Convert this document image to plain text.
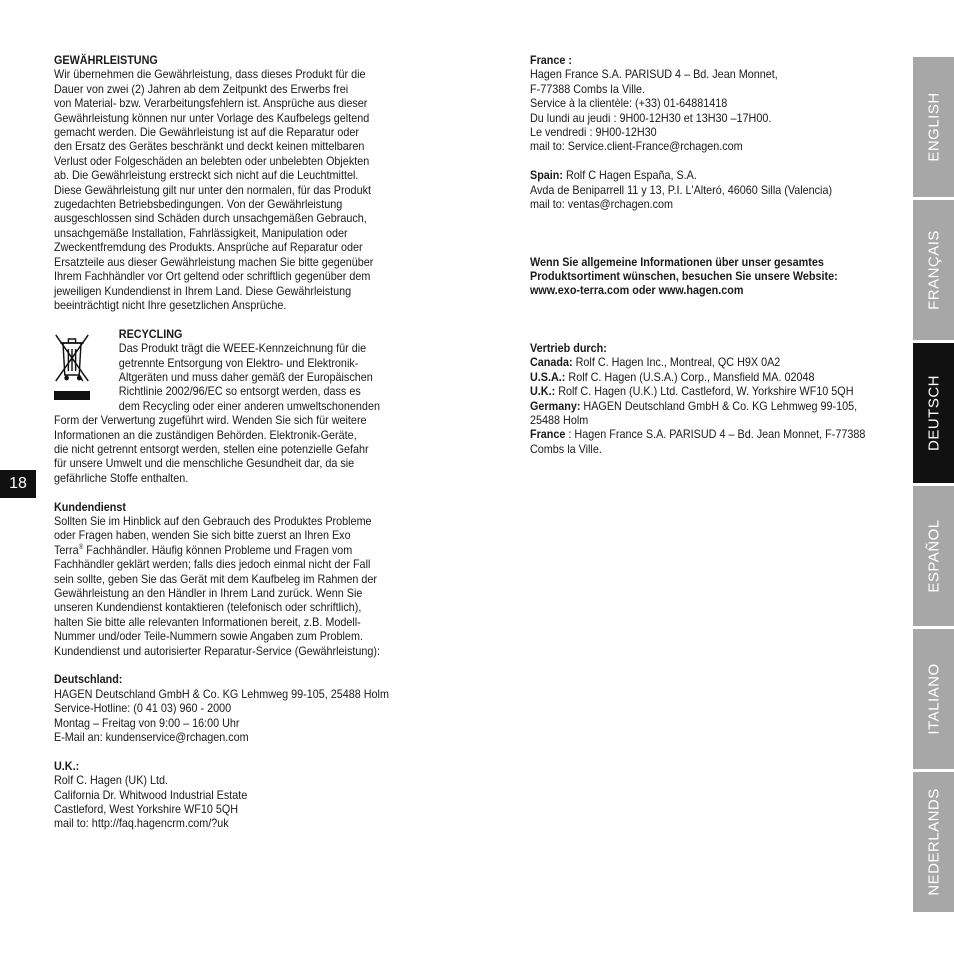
GEWÄHRLEISTUNG
Wir übernehmen die Gewährleistung, dass dieses Produkt für die
Dauer von zwei (2) Jahren ab dem Zeitpunkt des Erwerbs frei
von Material- bzw. Verarbeitungsfehlern ist. Ansprüche aus dieser
Gewährleistung können nur unter Vorlage des Kaufbelegs geltend
gemacht werden. Die Gewährleistung ist auf die Reparatur oder
den Ersatz des Gerätes beschränkt und deckt keinen mittelbaren
Verlust oder Folgeschäden an belebten oder unbelebten Objekten
ab. Die Gewährleistung erstreckt sich nicht auf die Leuchtmittel.
Diese Gewährleistung gilt nur unter den normalen, für das Produkt
zugedachten Betriebsbedingungen. Von der Gewährleistung
ausgeschlossen sind Schäden durch unsachgemäßen Gebrauch,
unsachgemäße Installation, Fahrlässigkeit, Manipulation oder
Zweckentfremdung des Produkts. Ansprüche auf Reparatur oder
Ersatzteile aus dieser Gewährleistung machen Sie bitte gegenüber
Ihrem Fachhändler vor Ort geltend oder schriftlich gegenüber dem
jeweiligen Kundendienst in Ihrem Land. Diese Gewährleistung
beeinträchtigt nicht Ihre gesetzlichen Ansprüche.
RECYCLING
Das Produkt trägt die WEEE-Kennzeichnung für die
getrennte Entsorgung von Elektro- und Elektronik-
Altgeräten und muss daher gemäß der Europäischen
Richtlinie 2002/96/EC so entsorgt werden, dass es
dem Recycling oder einer anderen umweltschonenden
Form der Verwertung zugeführt wird. Wenden Sie sich für weitere
Informationen an die zuständigen Behörden. Elektronik-Geräte,
die nicht getrennt entsorgt werden, stellen eine potenzielle Gefahr
für unsere Umwelt und die menschliche Gesundheit dar, da sie
gefährliche Stoffe enthalten.
Kundendienst
Sollten Sie im Hinblick auf den Gebrauch des Produktes Probleme
oder Fragen haben, wenden Sie sich bitte zuerst an Ihren Exo
Terra® Fachhändler. Häufig können Probleme und Fragen vom
Fachhändler geklärt werden; falls dies jedoch einmal nicht der Fall
sein sollte, geben Sie das Gerät mit dem Kaufbeleg im Rahmen der
Gewährleistung an den Händler in Ihrem Land zurück. Wenn Sie
unseren Kundendienst kontaktieren (telefonisch oder schriftlich),
halten Sie bitte alle relevanten Informationen bereit, z.B. Modell-
Nummer und/oder Teile-Nummern sowie Angaben zum Problem.
Kundendienst und autorisierter Reparatur-Service (Gewährleistung):
Deutschland:
HAGEN Deutschland GmbH & Co. KG Lehmweg 99-105, 25488 Holm
Service-Hotline: (0 41 03) 960 - 2000
Montag – Freitag von 9:00 – 16:00 Uhr
E-Mail an: kundenservice@rchagen.com
U.K.:
Rolf C. Hagen (UK) Ltd.
California Dr. Whitwood Industrial Estate
Castleford, West Yorkshire WF10 5QH
mail to: http://faq.hagencrm.com/?uk
France :
Hagen France S.A. PARISUD 4 – Bd. Jean Monnet,
F-77388 Combs la Ville.
Service à la clientèle: (+33) 01-64881418
Du lundi au jeudi : 9H00-12H30 et 13H30 –17H00.
Le vendredi : 9H00-12H30
mail to: Service.client-France@rchagen.com
Spain: Rolf C Hagen España, S.A.
Avda de Beniparrell 11 y 13, P.I. L'Alteró, 46060 Silla (Valencia)
mail to: ventas@rchagen.com
Wenn Sie allgemeine Informationen über unser gesamtes
Produktsortiment wünschen, besuchen Sie unsere Website:
www.exo-terra.com oder www.hagen.com
Vertrieb durch:
Canada: Rolf C. Hagen Inc., Montreal, QC H9X 0A2
U.S.A.: Rolf C. Hagen (U.S.A.) Corp., Mansfield MA. 02048
U.K.: Rolf C. Hagen (U.K.) Ltd. Castleford, W. Yorkshire WF10 5QH
Germany: HAGEN Deutschland GmbH & Co. KG Lehmweg 99-105,
25488 Holm
France : Hagen France S.A. PARISUD 4 – Bd. Jean Monnet, F-77388
Combs la Ville.
18
ENGLISH
FRANÇAIS
DEUTSCH
ESPAÑOL
ITALIANO
NEDERLANDS
